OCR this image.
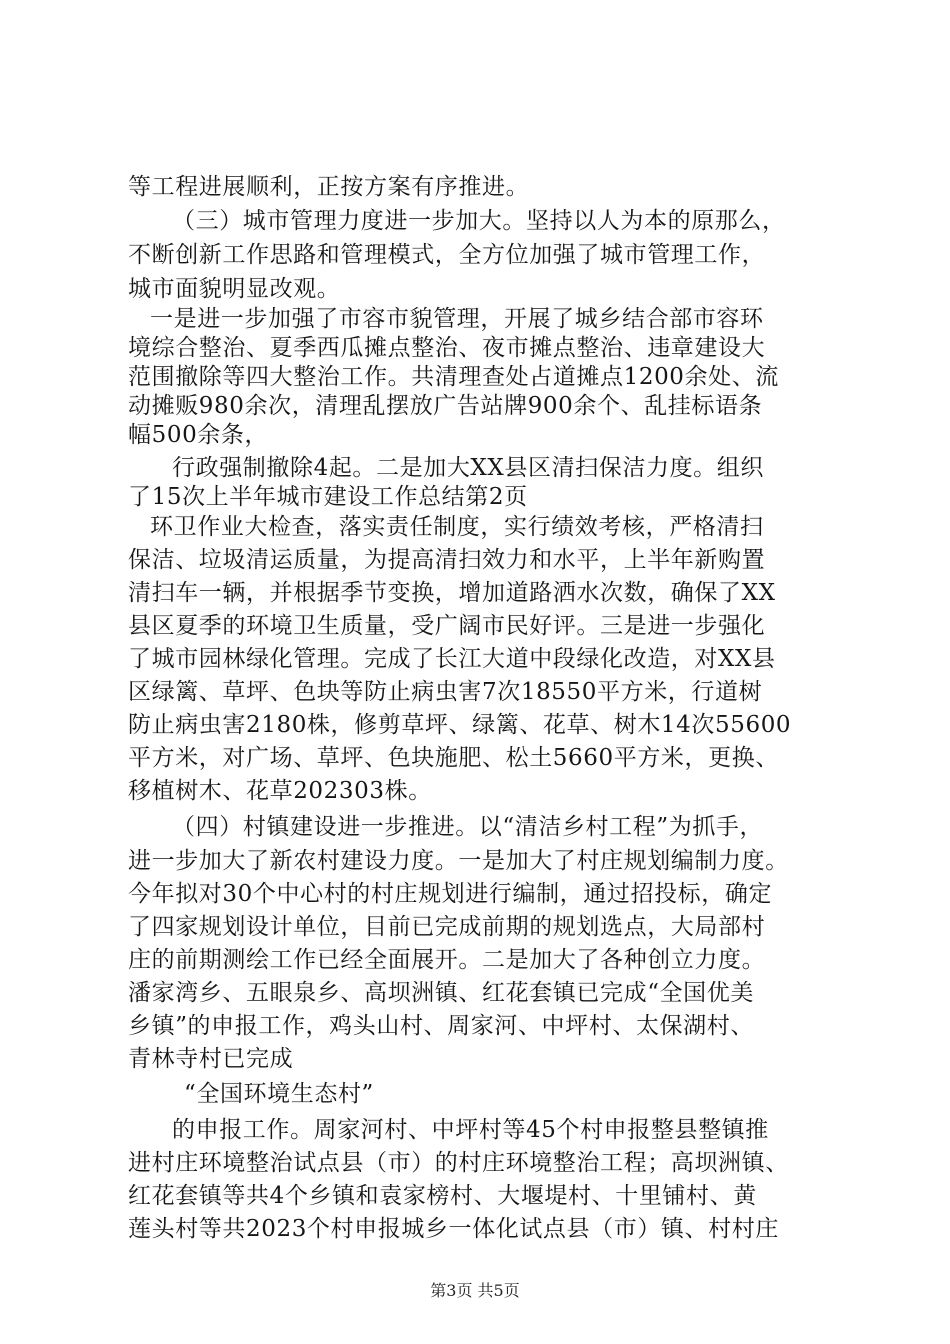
等工程进展顺利，正按方案有序推进。
（三）城市管理力度进一步加大。坚持以人为本的原那么，
不断创新工作思路和管理模式，全方位加强了城市管理工作，
城市面貌明显改观。
一是进一步加强了市容市貌管理，开展了城乡结合部市容环
境综合整治、夏季西瓜摊点整治、夜市摊点整治、违章建设大
范围撤除等四大整治工作。共清理查处占道摊点1200余处、流
动摊贩980余次，清理乱摆放广告站牌900余个、乱挂标语条
幅500余条，
行政强制撤除4起。二是加大XX县区清扫保洁力度。组织
了15次上半年城市建设工作总结第2页
环卫作业大检查，落实责任制度，实行绩效考核，严格清扫
保洁、垃圾清运质量，为提高清扫效力和水平，上半年新购置
清扫车一辆，并根据季节变换，增加道路洒水次数，确保了XX
县区夏季的环境卫生质量，受广阔市民好评。三是进一步强化
了城市园林绿化管理。完成了长江大道中段绿化改造，对XX县
区绿篱、草坪、色块等防止病虫害7次18550平方米，行道树
防止病虫害2180株，修剪草坪、绿篱、花草、树木14次55600
平方米，对广场、草坪、色块施肥、松土5660平方米，更换、
移植树木、花草202303株。
（四）村镇建设进一步推进。以“清洁乡村工程”为抓手，
进一步加大了新农村建设力度。一是加大了村庄规划编制力度。
今年拟对30个中心村的村庄规划进行编制，通过招投标，确定
了四家规划设计单位，目前已完成前期的规划选点，大局部村
庄的前期测绘工作已经全面展开。二是加大了各种创立力度。
潘家湾乡、五眼泉乡、高坝洲镇、红花套镇已完成“全国优美
乡镇”的申报工作，鸡头山村、周家河、中坪村、太保湖村、
青林寺村已完成
“全国环境生态村”
的申报工作。周家河村、中坪村等45个村申报整县整镇推
进村庄环境整治试点县（市）的村庄环境整治工程；高坝洲镇、
红花套镇等共4个乡镇和袁家榜村、大堰堤村、十里铺村、黄
莲头村等共2023个村申报城乡一体化试点县（市）镇、村村庄
第3页 共5页
